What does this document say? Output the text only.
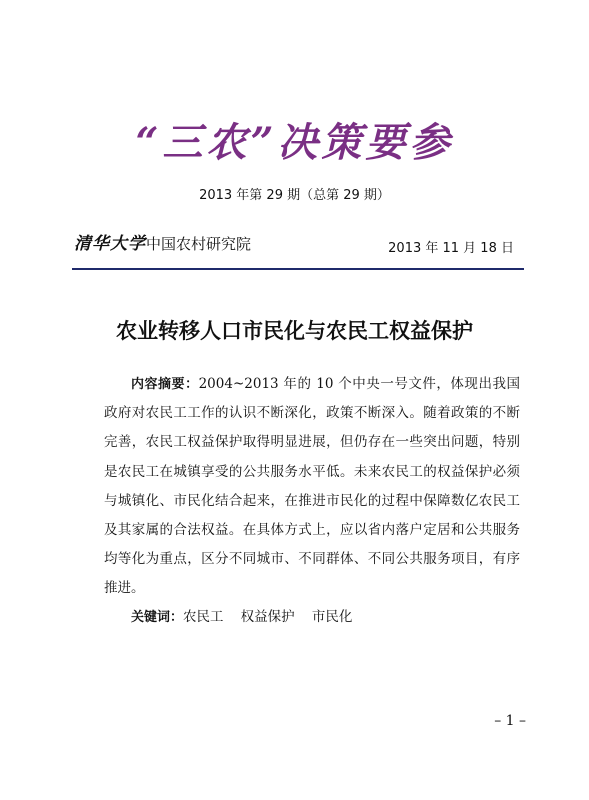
“三农”决策要参
2013 年第 29 期（总第 29 期）
清华大学中国农村研究院	2013 年 11 月 18 日
农业转移人口市民化与农民工权益保护
内容摘要：2004~2013 年的 10 个中央一号文件，体现出我国政府对农民工工作的认识不断深化，政策不断深入。随着政策的不断完善，农民工权益保护取得明显进展，但仍存在一些突出问题，特别是农民工在城镇享受的公共服务水平低。未来农民工的权益保护必须与城镇化、市民化结合起来，在推进市民化的过程中保障数亿农民工及其家属的合法权益。在具体方式上，应以省内落户定居和公共服务均等化为重点，区分不同城市、不同群体、不同公共服务项目，有序推进。
关键词：农民工    权益保护    市民化
– 1 –
